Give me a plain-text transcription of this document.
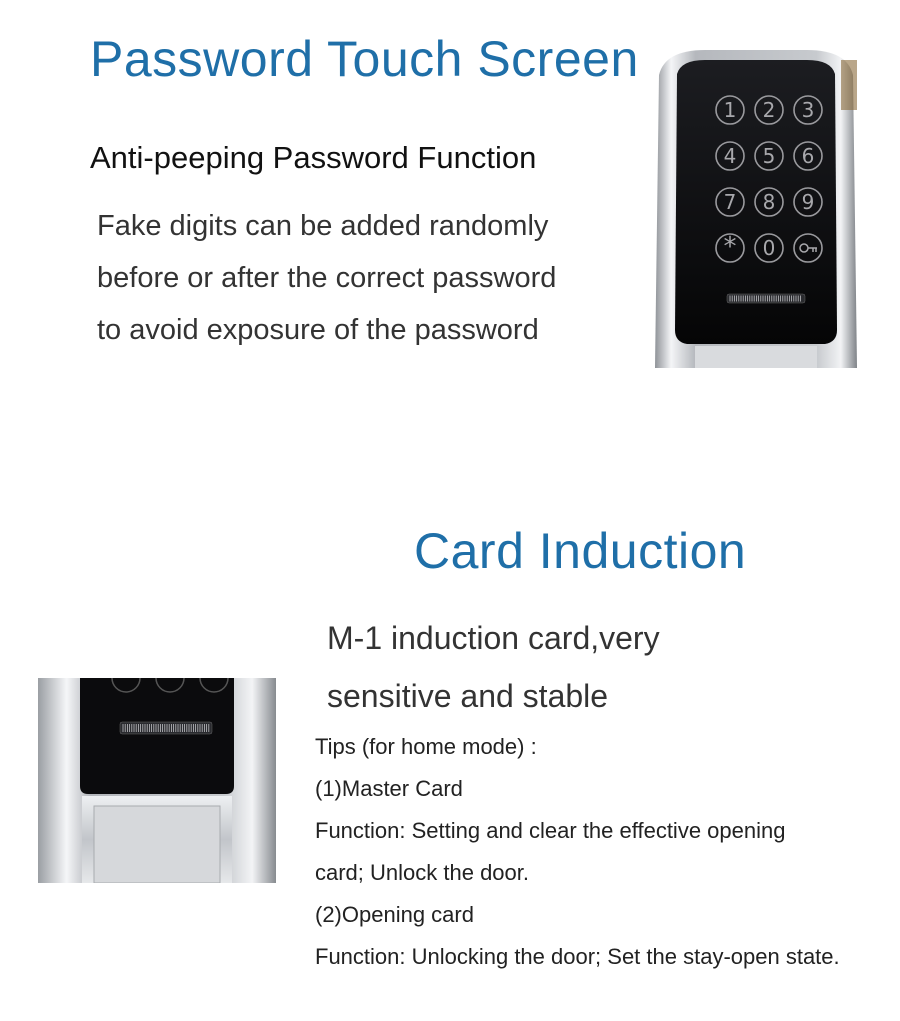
Password Touch Screen
Anti-peeping Password Function
Fake digits can be added randomly
before or after the correct password
to avoid exposure of the password
1 2 3
4 5 6
7 8 9
* 0
Card Induction
M-1 induction card,very
sensitive and stable
Tips (for home mode) :
(1)Master Card
Function: Setting and clear the effective opening
card; Unlock the door.
(2)Opening card
Function: Unlocking the door; Set the stay-open state.
